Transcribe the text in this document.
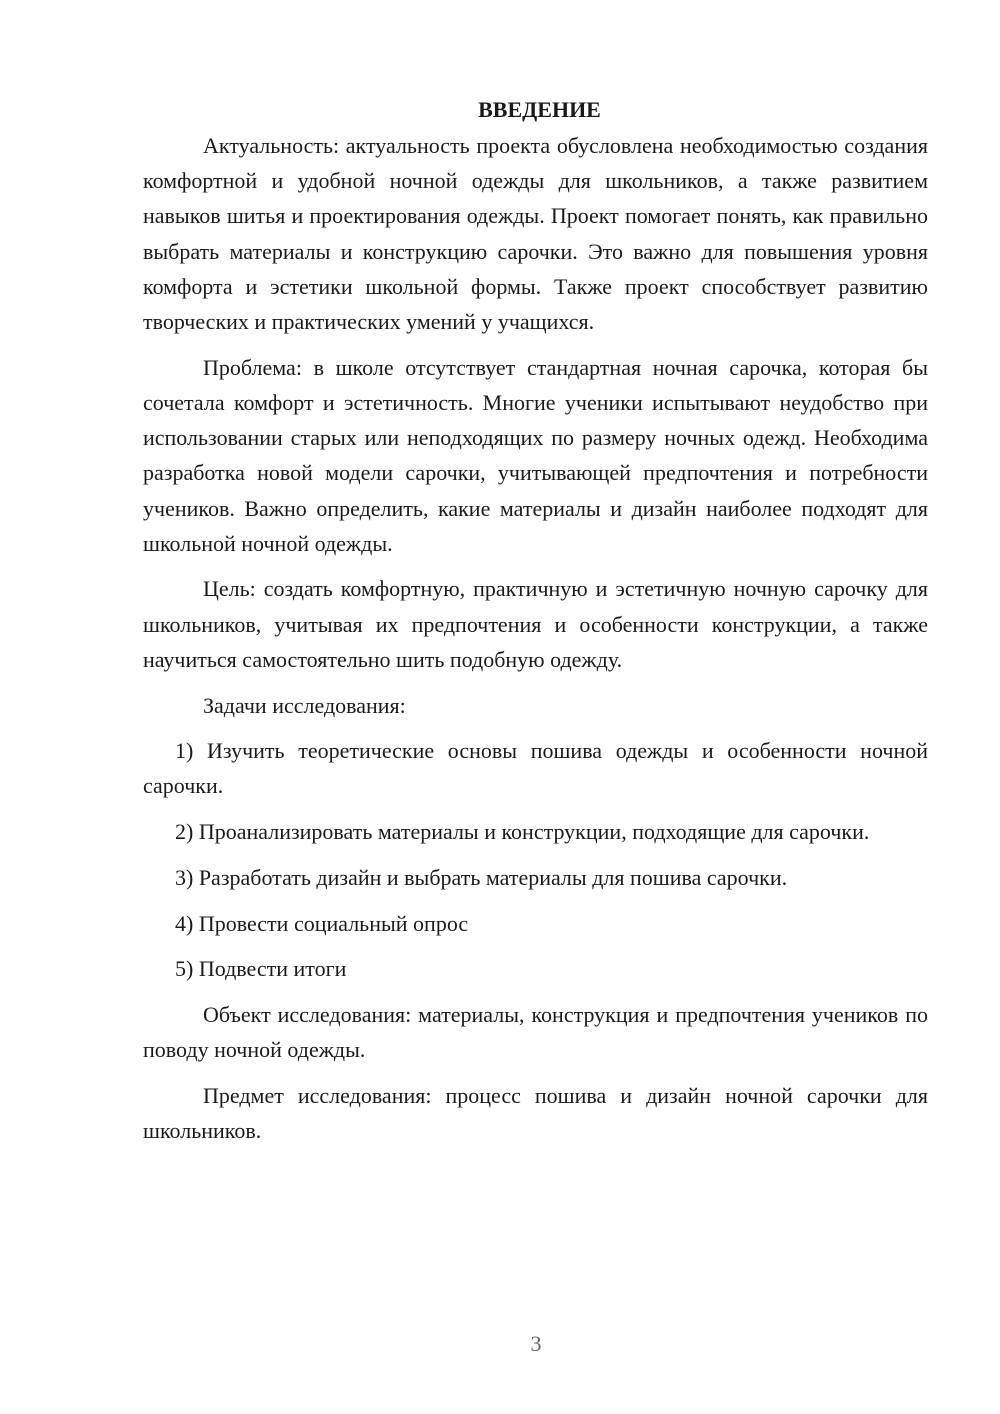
ВВЕДЕНИЕ

Актуальность: актуальность проекта обусловлена необходимостью создания комфортной и удобной ночной одежды для школьников, а также развитием навыков шитья и проектирования одежды. Проект помогает понять, как правильно выбрать материалы и конструкцию сарочки. Это важно для повышения уровня комфорта и эстетики школьной формы. Также проект способствует развитию творческих и практических умений у учащихся.

Проблема: в школе отсутствует стандартная ночная сарочка, которая бы сочетала комфорт и эстетичность. Многие ученики испытывают неудобство при использовании старых или неподходящих по размеру ночных одежд. Необходима разработка новой модели сарочки, учитывающей предпочтения и потребности учеников. Важно определить, какие материалы и дизайн наиболее подходят для школьной ночной одежды.

Цель: создать комфортную, практичную и эстетичную ночную сарочку для школьников, учитывая их предпочтения и особенности конструкции, а также научиться самостоятельно шить подобную одежду.

Задачи исследования:

1) Изучить теоретические основы пошива одежды и особенности ночной сарочки.

2) Проанализировать материалы и конструкции, подходящие для сарочки.

3) Разработать дизайн и выбрать материалы для пошива сарочки.

4) Провести социальный опрос

5) Подвести итоги

Объект исследования: материалы, конструкция и предпочтения учеников по поводу ночной одежды.

Предмет исследования: процесс пошива и дизайн ночной сарочки для школьников.

3
